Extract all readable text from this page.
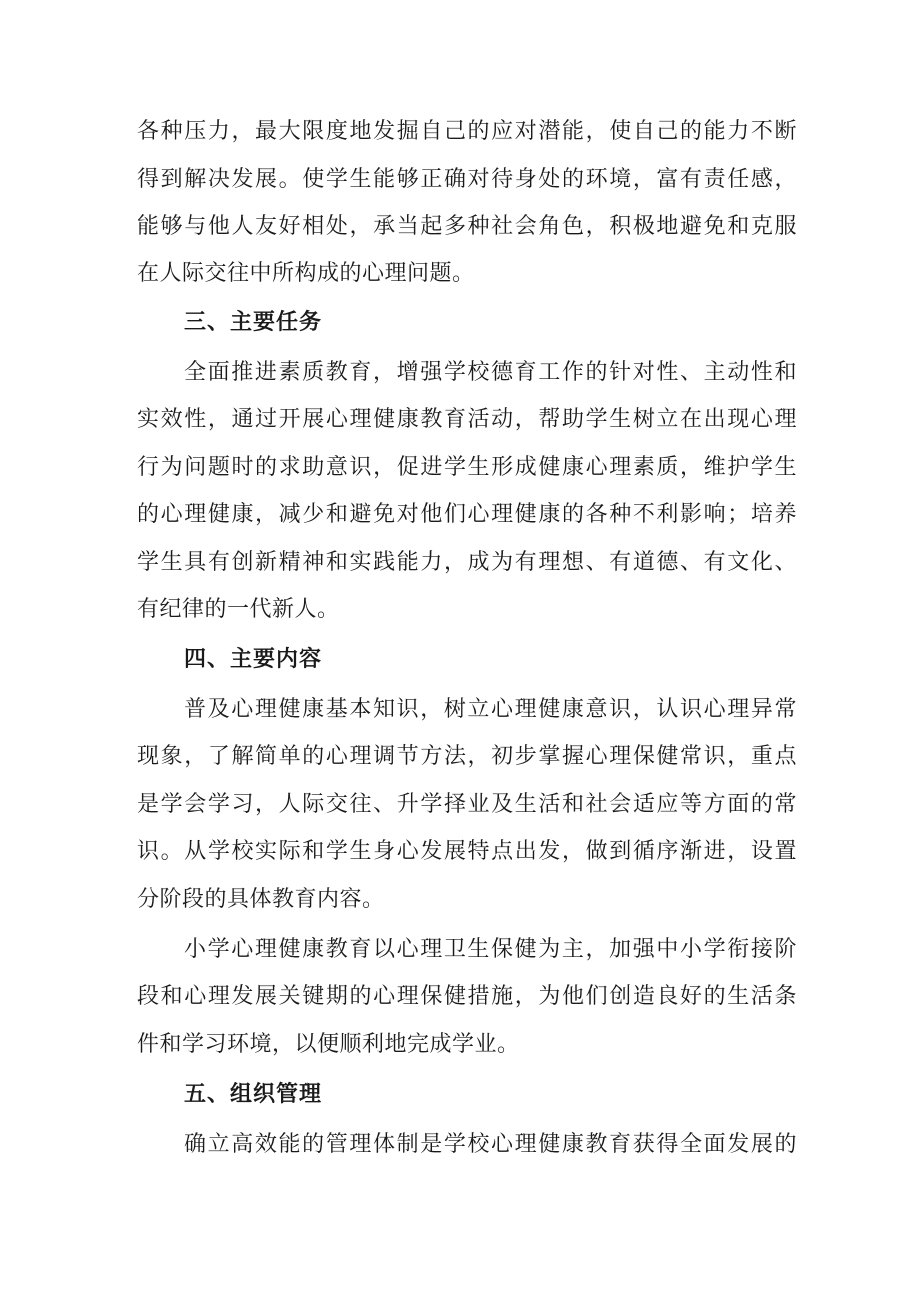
各种压力，最大限度地发掘自己的应对潜能，使自己的能力不断
得到解决发展。使学生能够正确对待身处的环境，富有责任感，
能够与他人友好相处，承当起多种社会角色，积极地避免和克服
在人际交往中所构成的心理问题。
三、主要任务
全面推进素质教育，增强学校德育工作的针对性、主动性和
实效性，通过开展心理健康教育活动，帮助学生树立在出现心理
行为问题时的求助意识，促进学生形成健康心理素质，维护学生
的心理健康，减少和避免对他们心理健康的各种不利影响；培养
学生具有创新精神和实践能力，成为有理想、有道德、有文化、
有纪律的一代新人。
四、主要内容
普及心理健康基本知识，树立心理健康意识，认识心理异常
现象，了解简单的心理调节方法，初步掌握心理保健常识，重点
是学会学习，人际交往、升学择业及生活和社会适应等方面的常
识。从学校实际和学生身心发展特点出发，做到循序渐进，设置
分阶段的具体教育内容。
小学心理健康教育以心理卫生保健为主，加强中小学衔接阶
段和心理发展关键期的心理保健措施，为他们创造良好的生活条
件和学习环境，以便顺利地完成学业。
五、组织管理
确立高效能的管理体制是学校心理健康教育获得全面发展的
